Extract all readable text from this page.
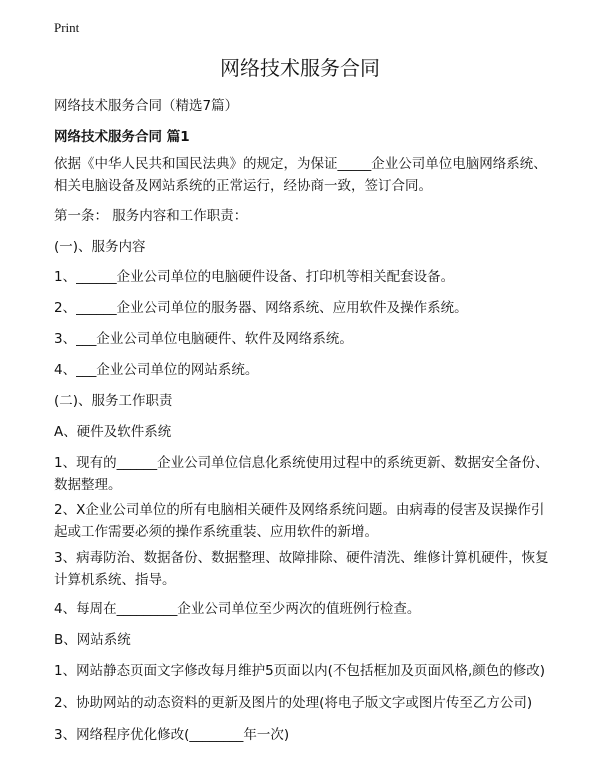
Print
网络技术服务合同
网络技术服务合同（精选7篇）
网络技术服务合同 篇1

依据《中华人民共和国民法典》的规定，为保证_____企业公司单位电脑网络系统、相关电脑设备及网站系统的正常运行，经协商一致，签订合同。

第一条： 服务内容和工作职责：

(一)、服务内容

1、______企业公司单位的电脑硬件设备、打印机等相关配套设备。

2、______企业公司单位的服务器、网络系统、应用软件及操作系统。

3、___企业公司单位电脑硬件、软件及网络系统。

4、___企业公司单位的网站系统。

(二)、服务工作职责

A、硬件及软件系统

1、现有的______企业公司单位信息化系统使用过程中的系统更新、数据安全备份、数据整理。

2、X企业公司单位的所有电脑相关硬件及网络系统问题。由病毒的侵害及误操作引起或工作需要必须的操作系统重装、应用软件的新增。

3、病毒防治、数据备份、数据整理、故障排除、硬件清洗、维修计算机硬件，恢复计算机系统、指导。

4、每周在_________企业公司单位至少两次的值班例行检查。

B、网站系统

1、网站静态页面文字修改每月维护5页面以内(不包括框加及页面风格,颜色的修改)

2、协助网站的动态资料的更新及图片的处理(将电子版文字或图片传至乙方公司)

3、网络程序优化修改(________年一次)
